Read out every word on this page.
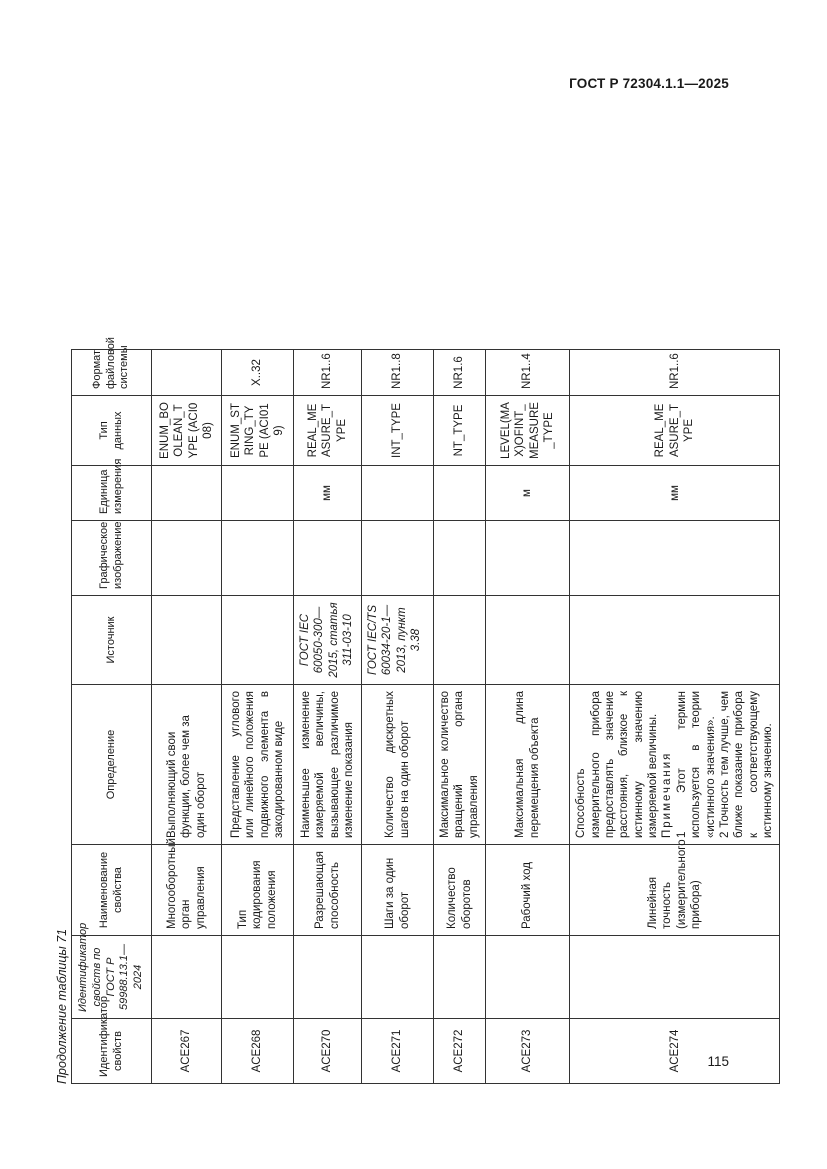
ГОСТ Р 72304.1.1—2025
Продолжение таблицы 71	Идентификатор свойств	Идентификатор свойств по ГОСТ Р 59988.13.1—2024	Наименование свойства	Определение	Источник	Графическое изображение	Единица измерения	Тип данных	Формат файловой системы
ACE267		Многооборотный орган управления	Выполняющий свои функции, более чем за один оборот				ENUM_BOOLEAN_TYPE (ACI008)	
ACE268		Тип кодирования положения	Представление углового или линейного положения подвижного элемента в закодированном виде				ENUM_STRING_TYPE (ACI019)	X..32
ACE270		Разрешающая способность	Наименьшее изменение измеряемой величины, вызывающее различимое изменение показания	ГОСТ IEC 60050-300—2015, статья 311-03-10		мм	REAL_MEASURE_TYPE	NR1..6
ACE271		Шаги за один оборот	Количество дискретных шагов на один оборот	ГОСТ IEC/TS 60034-20-1—2013, пункт 3.38			INT_TYPE	NR1..8
ACE272		Количество оборотов	Максимальное количество вращений органа управления				NT_TYPE	NR1.6
ACE273		Рабочий ход	Максимальная длина перемещения объекта			м	LEVEL(MAX)OFINT_MEASURE_TYPE	NR1..4
ACE274		Линейная точность (измерительного прибора)	Способность измерительного прибора предоставлять значение расстояния, близкое к истинному значению измеряемой величины. Примечания 1 Этот термин используется в теории «истинного значения». 2 Точность тем лучше, чем ближе показание прибора к соответствующему истинному значению.			мм	REAL_MEASURE_TYPE	NR1..6
115
